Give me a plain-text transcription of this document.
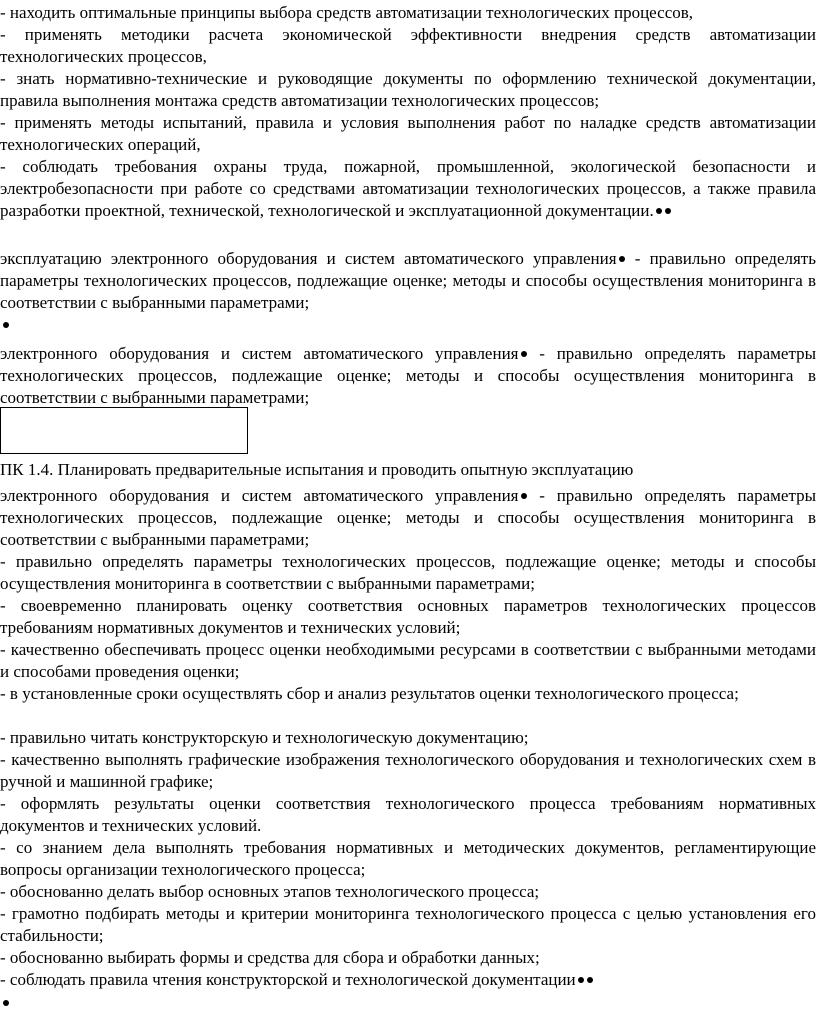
- находить оптимальные принципы выбора средств автоматизации технологических процессов,
- применять методики расчета экономической эффективности внедрения средств автоматизации технологических процессов,
- знать нормативно-технические и руководящие документы по оформлению технической документации, правила выполнения монтажа средств автоматизации технологических процессов;
- применять методы испытаний, правила и условия выполнения работ по наладке средств автоматизации технологических операций,
- соблюдать требования охраны труда, пожарной, промышленной, экологической безопасности и электробезопасности при работе со средствами автоматизации технологических процессов, а также правила разработки проектной, технической, технологической и эксплуатационной документации.
эксплуатацию электронного оборудования и систем автоматического управления - правильно определять параметры технологических процессов, подлежащие оценке; методы и способы осуществления мониторинга в соответствии с выбранными параметрами;
электронного оборудования и систем автоматического управления - правильно определять параметры технологических процессов, подлежащие оценке; методы и способы осуществления мониторинга в соответствии с выбранными параметрами;
ПК 1.4. Планировать предварительные испытания и проводить опытную эксплуатацию
электронного оборудования и систем автоматического управления - правильно определять параметры технологических процессов, подлежащие оценке; методы и способы осуществления мониторинга в соответствии с выбранными параметрами;
- правильно определять параметры технологических процессов, подлежащие оценке; методы и способы осуществления мониторинга в соответствии с выбранными параметрами;
- своевременно планировать оценку соответствия основных параметров технологических процессов требованиям нормативных документов и технических условий;
- качественно обеспечивать процесс оценки необходимыми ресурсами в соответствии с выбранными методами и способами проведения оценки;
- в установленные сроки осуществлять сбор и анализ результатов оценки технологического процесса;
- правильно читать конструкторскую и технологическую документацию;
- качественно выполнять графические изображения технологического оборудования и технологических схем в ручной и машинной графике;
- оформлять результаты оценки соответствия технологического процесса требованиям нормативных документов и технических условий.
- со знанием дела выполнять требования нормативных и методических документов, регламентирующие вопросы организации технологического процесса;
- обоснованно делать выбор основных этапов технологического процесса;
- грамотно подбирать методы и критерии мониторинга технологического процесса с целью установления его стабильности;
- обоснованно выбирать формы и средства для сбора и обработки данных;
- соблюдать правила чтения конструкторской и технологической документации
